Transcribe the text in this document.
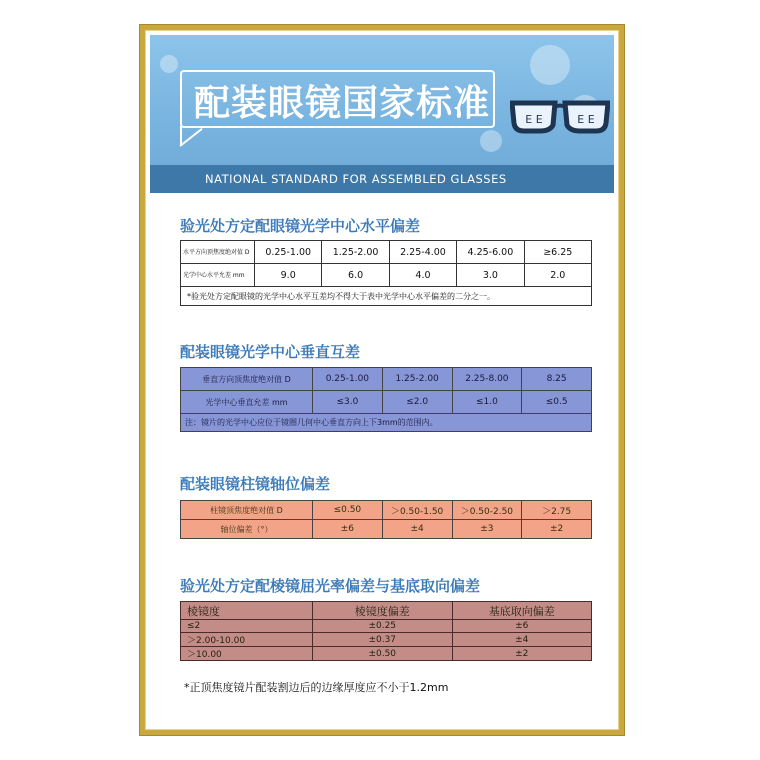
配装眼镜国家标准	E E	E E
NATIONAL STANDARD FOR ASSEMBLED GLASSES
验光处方定配眼镜光学中心水平偏差
水平方向顶焦度绝对值 D	0.25-1.00	1.25-2.00	2.25-4.00	4.25-6.00	≥6.25
光学中心水平允差 mm	9.0	6.0	4.0	3.0	2.0
*验光处方定配眼镜的光学中心水平互差均不得大于表中光学中心水平偏差的二分之一。					
配装眼镜光学中心垂直互差
垂直方向顶焦度绝对值 D	0.25-1.00	1.25-2.00	2.25-8.00	8.25
光学中心垂直允差 mm	≤3.0	≤2.0	≤1.0	≤0.5
注：镜片的光学中心应位于镜圈几何中心垂直方向上下3mm的范围内。				
配装眼镜柱镜轴位偏差
柱镜顶焦度绝对值 D	≤0.50	＞0.50-1.50	＞0.50-2.50	＞2.75
轴位偏差（°）	±6	±4	±3	±2
验光处方定配棱镜屈光率偏差与基底取向偏差
棱镜度	棱镜度偏差	基底取向偏差
≤2	±0.25	±6
＞2.00-10.00	±0.37	±4
＞10.00	±0.50	±2
*正顶焦度镜片配装割边后的边缘厚度应不小于1.2mm
